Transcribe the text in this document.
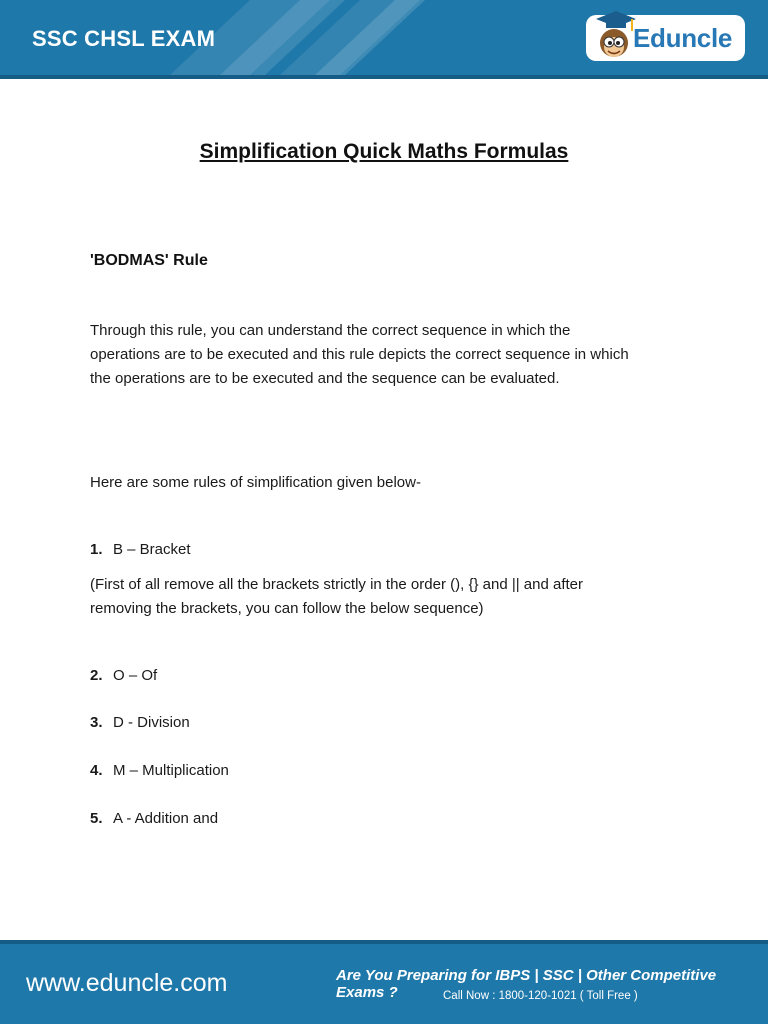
SSC CHSL EXAM	Eduncle
Simplification Quick Maths Formulas
'BODMAS' Rule
Through this rule, you can understand the correct sequence in which the
operations are to be executed and this rule depicts the correct sequence in which
the operations are to be executed and the sequence can be evaluated.
Here are some rules of simplification given below-
1. B – Bracket
(First of all remove all the brackets strictly in the order (), {} and || and after
removing the brackets, you can follow the below sequence)
2. O – Of
3. D - Division
4. M – Multiplication
5. A - Addition and
www.eduncle.com	Are You Preparing for IBPS | SSC | Other Competitive Exams ?	Call Now : 1800-120-1021 ( Toll Free )
